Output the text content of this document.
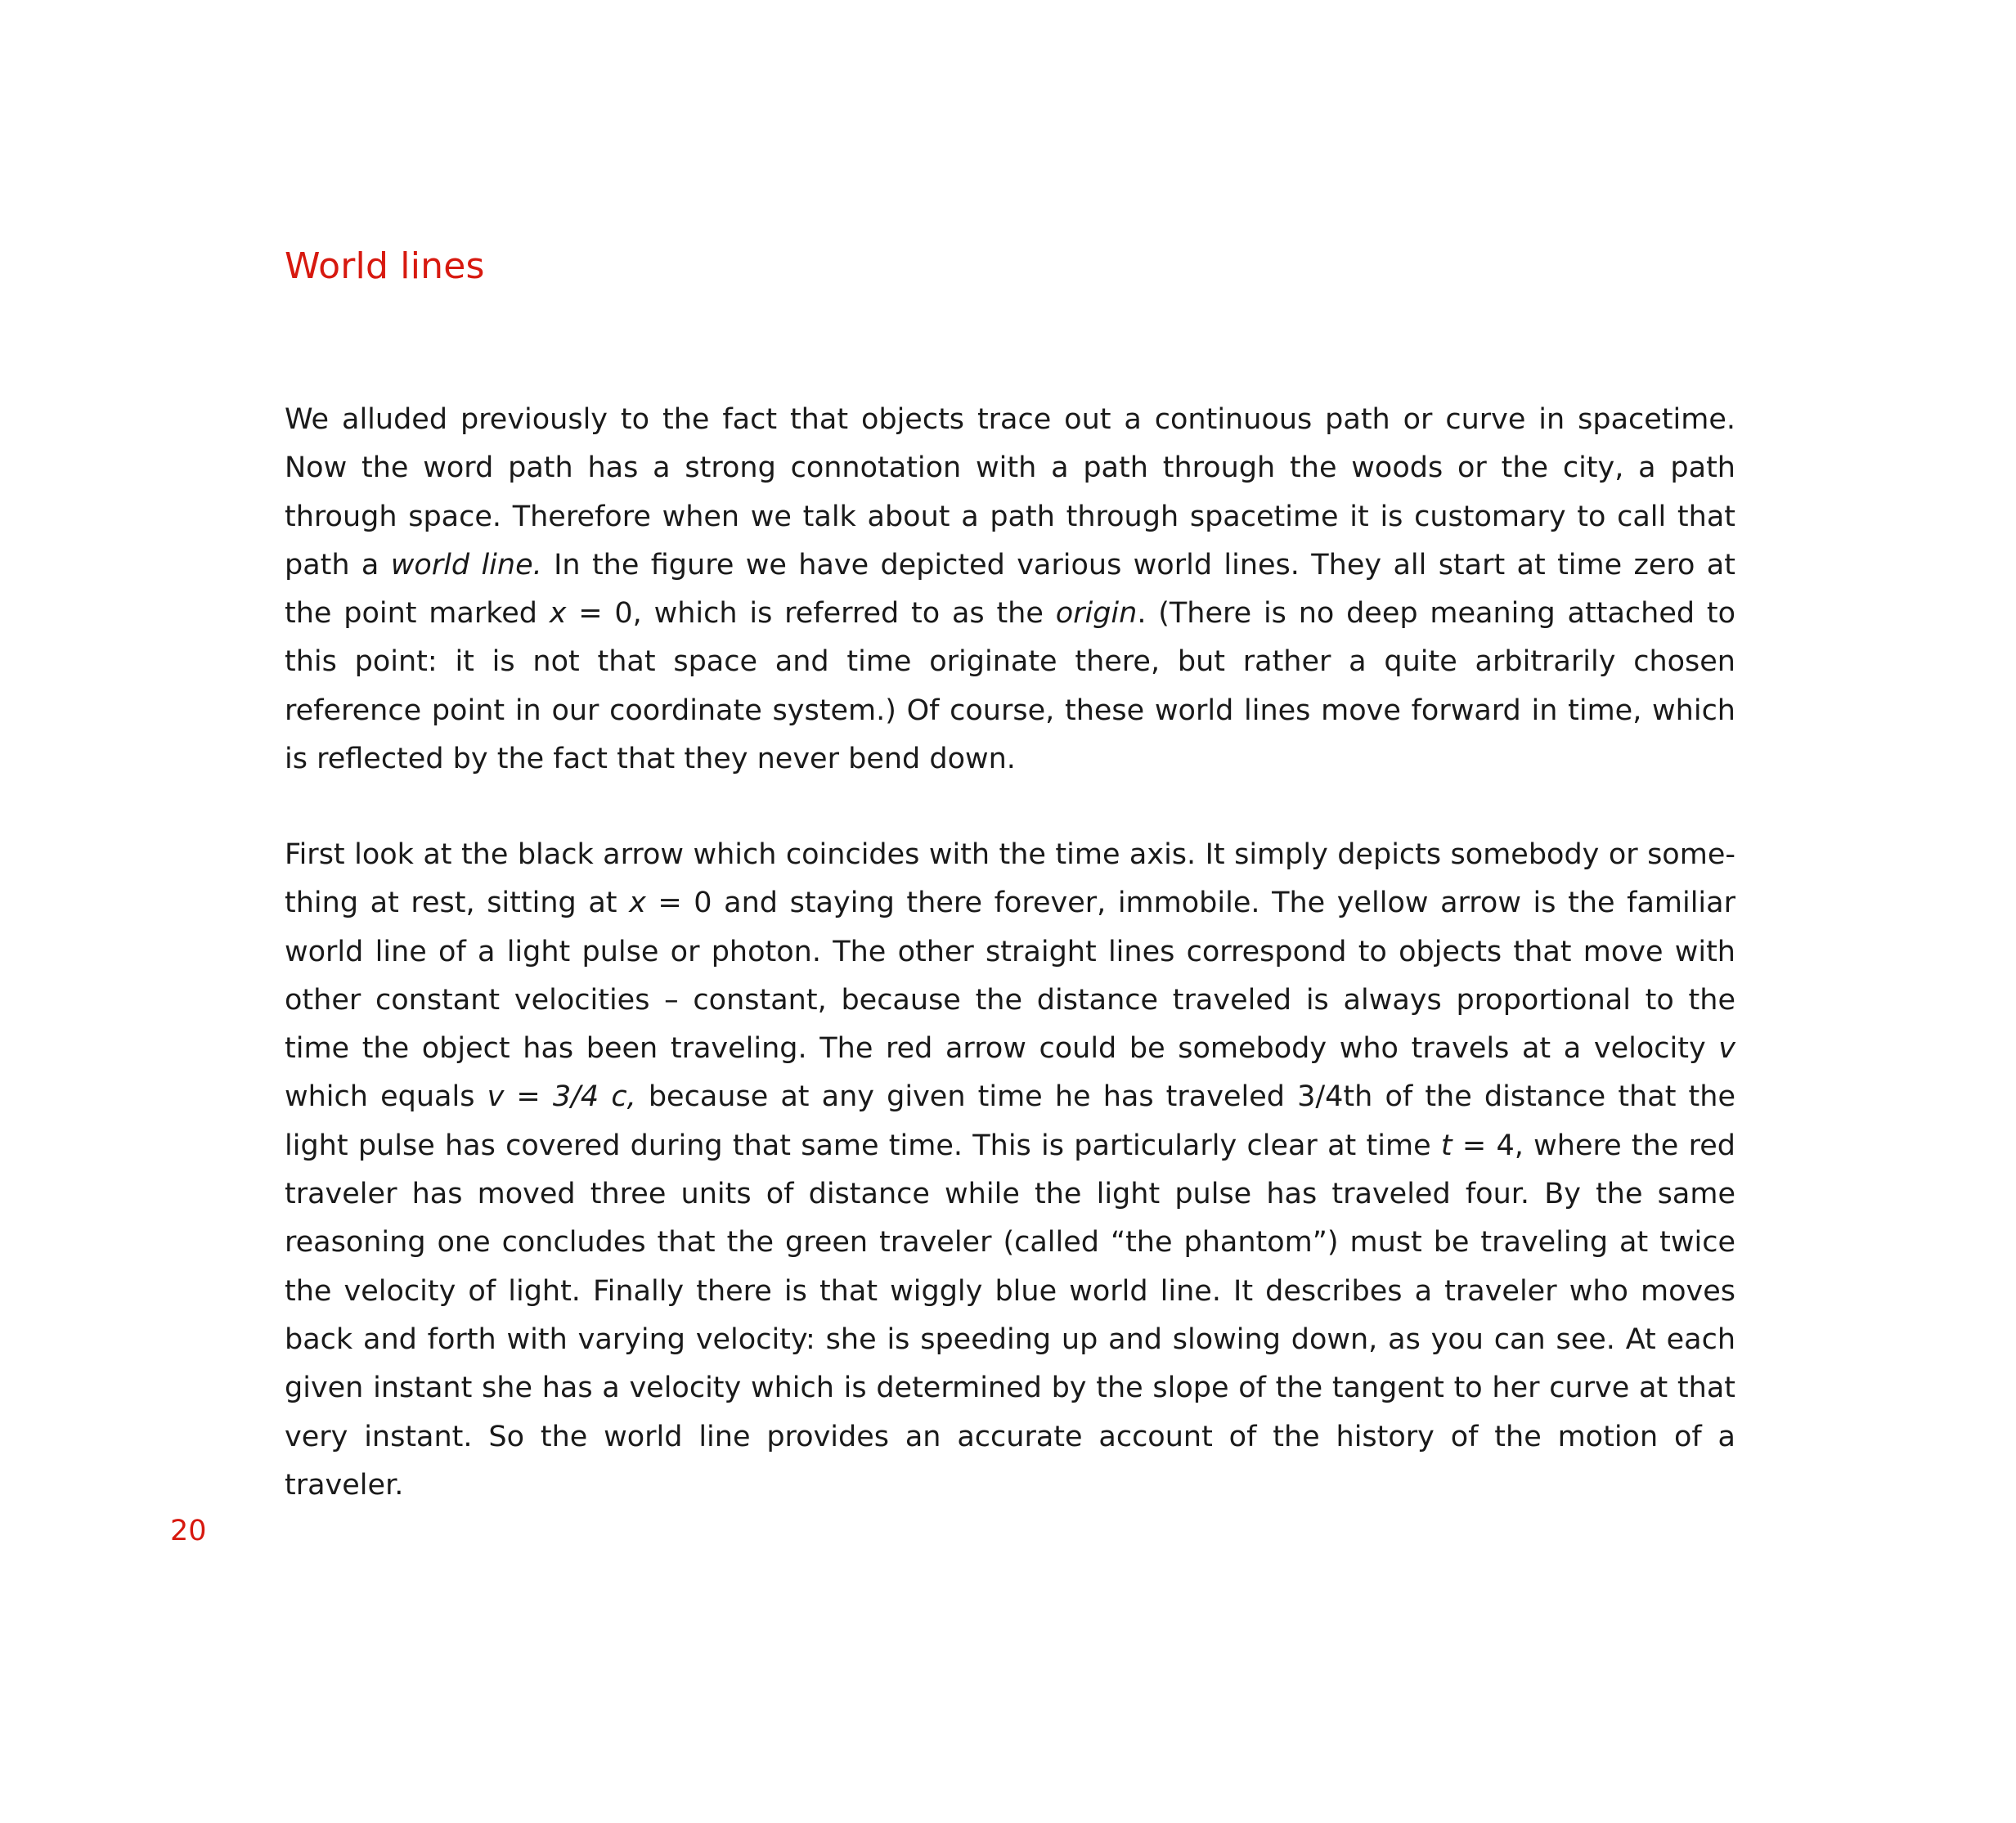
World lines

We alluded previously to the fact that objects trace out a continuous path or curve in spacetime. Now the word path has a strong connotation with a path through the woods or the city, a path through space. Therefore when we talk about a path through spacetime it is customary to call that path a world line. In the figure we have depicted various world lines. They all start at time zero at the point marked x = 0, which is referred to as the origin. (There is no deep meaning attached to this point: it is not that space and time originate there, but rather a quite arbitrarily chosen reference point in our coordinate system.) Of course, these world lines move forward in time, which is reflected by the fact that they never bend down.

First look at the black arrow which coincides with the time axis. It simply depicts somebody or something at rest, sitting at x = 0 and staying there forever, immobile. The yellow arrow is the familiar world line of a light pulse or photon. The other straight lines correspond to objects that move with other constant velocities – constant, because the distance traveled is always proportional to the time the object has been traveling. The red arrow could be somebody who travels at a velocity v which equals v = 3/4 c, because at any given time he has traveled 3/4th of the distance that the light pulse has covered during that same time. This is particularly clear at time t = 4, where the red traveler has moved three units of distance while the light pulse has traveled four. By the same reasoning one concludes that the green traveler (called “the phantom”) must be traveling at twice the velocity of light. Finally there is that wiggly blue world line. It describes a traveler who moves back and forth with varying velocity: she is speeding up and slowing down, as you can see. At each given instant she has a velocity which is determined by the slope of the tangent to her curve at that very instant. So the world line provides an accurate account of the history of the motion of a traveler.

20
